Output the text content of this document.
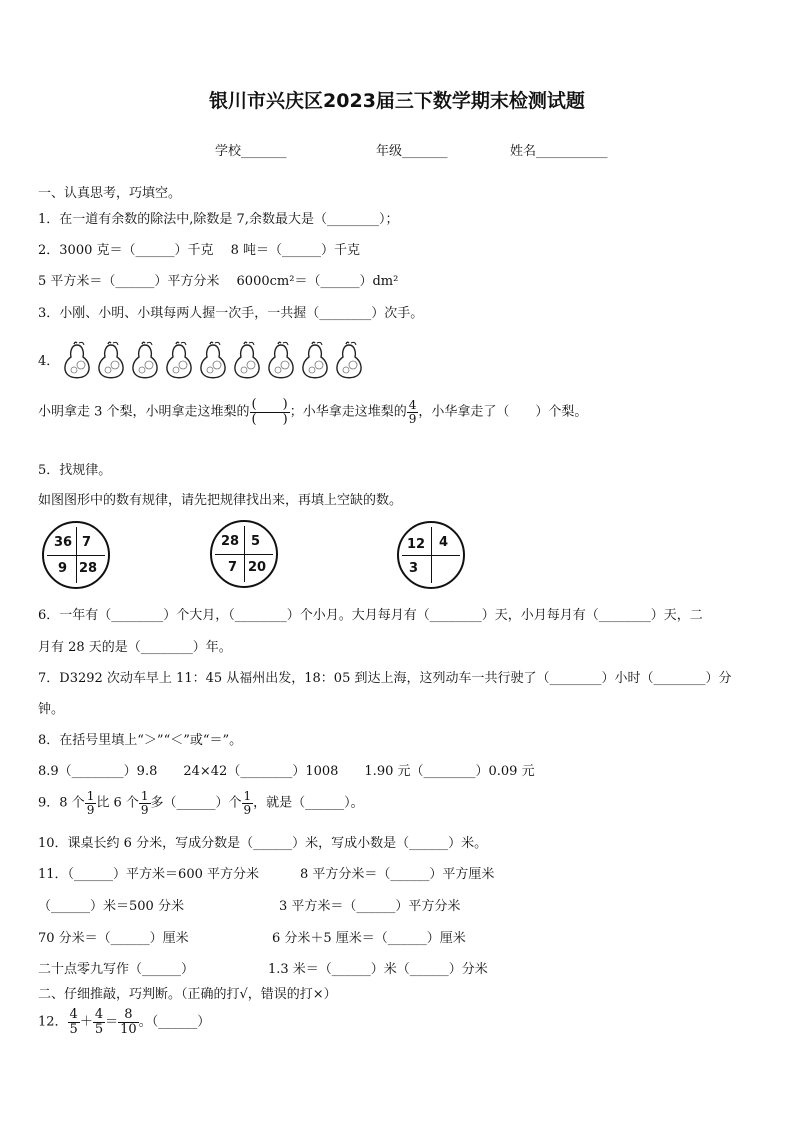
银川市兴庆区2023届三下数学期末检测试题
学校_______	年级_______	姓名___________
一、认真思考，巧填空。
1．在一道有余数的除法中,除数是 7,余数最大是（________）；
2．3000 克＝（______）千克　 8 吨＝（______）千克
5 平方米＝（______）平方分米　 6000cm²＝（______）dm²
3．小刚、小明、小琪每两人握一次手，一共握（________）次手。
4．
小明拿走 3 个梨，小明拿走这堆梨的 $\frac{( )}{( )}$ ；小华拿走这堆梨的 $\frac{4}{9}$ ，小华拿走了（　　）个梨。
5．找规律。
如图图形中的数有规律，请先把规律找出来，再填上空缺的数。
36 7
9 28
28 5
7 20
12 4
3
6．一年有（________）个大月，（________）个小月。大月每月有（________）天，小月每月有（________）天，二
月有 28 天的是（________）年。
7．D3292 次动车早上 11：45 从福州出发，18：05 到达上海，这列动车一共行驶了（________）小时（________）分
钟。
8．在括号里填上“＞”“＜”或“＝”。
8.9（________）9.8　　24×42（________）1008　　1.90 元（________）0.09 元
9．8 个 $\frac{1}{9}$ 比 6 个 $\frac{1}{9}$ 多（______）个 $\frac{1}{9}$ ，就是（______）。
10．课桌长约 6 分米，写成分数是（______）米，写成小数是（______）米。
11．（______）平方米＝600 平方分米	8 平方分米＝（______）平方厘米
（______）米＝500 分米	3 平方米＝（______）平方分米
70 分米＝（______）厘米	6 分米＋5 厘米＝（______）厘米
二十点零九写作（______）	1.3 米＝（______）米（______）分米
二、仔细推敲，巧判断。（正确的打√，错误的打×）
12． $\frac{4}{5} + \frac{4}{5} = \frac{8}{10}$ 。（______）
